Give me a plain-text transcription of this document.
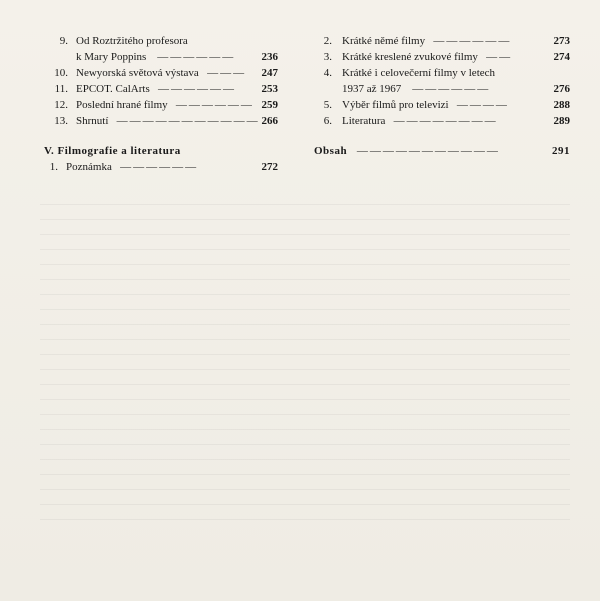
9. Od Roztržitého profesora
k Mary Poppins —————— 236
10. Newyorská světová výstava ——— 247
11. EPCOT. CalArts —————— 253
12. Poslední hrané filmy —————— 259
13. Shrnutí ——————————— 266
V. Filmografie a literatura
1. Poznámka ——————	272
2. Krátké němé filmy ——————	273
3. Krátké kreslené zvukové filmy ——	274
4. Krátké i celovečerní filmy v letech
1937 až 1967 ——————	276
5. Výběr filmů pro televizi ————	288
6. Literatura ————————	289
Obsah ———————————	291
